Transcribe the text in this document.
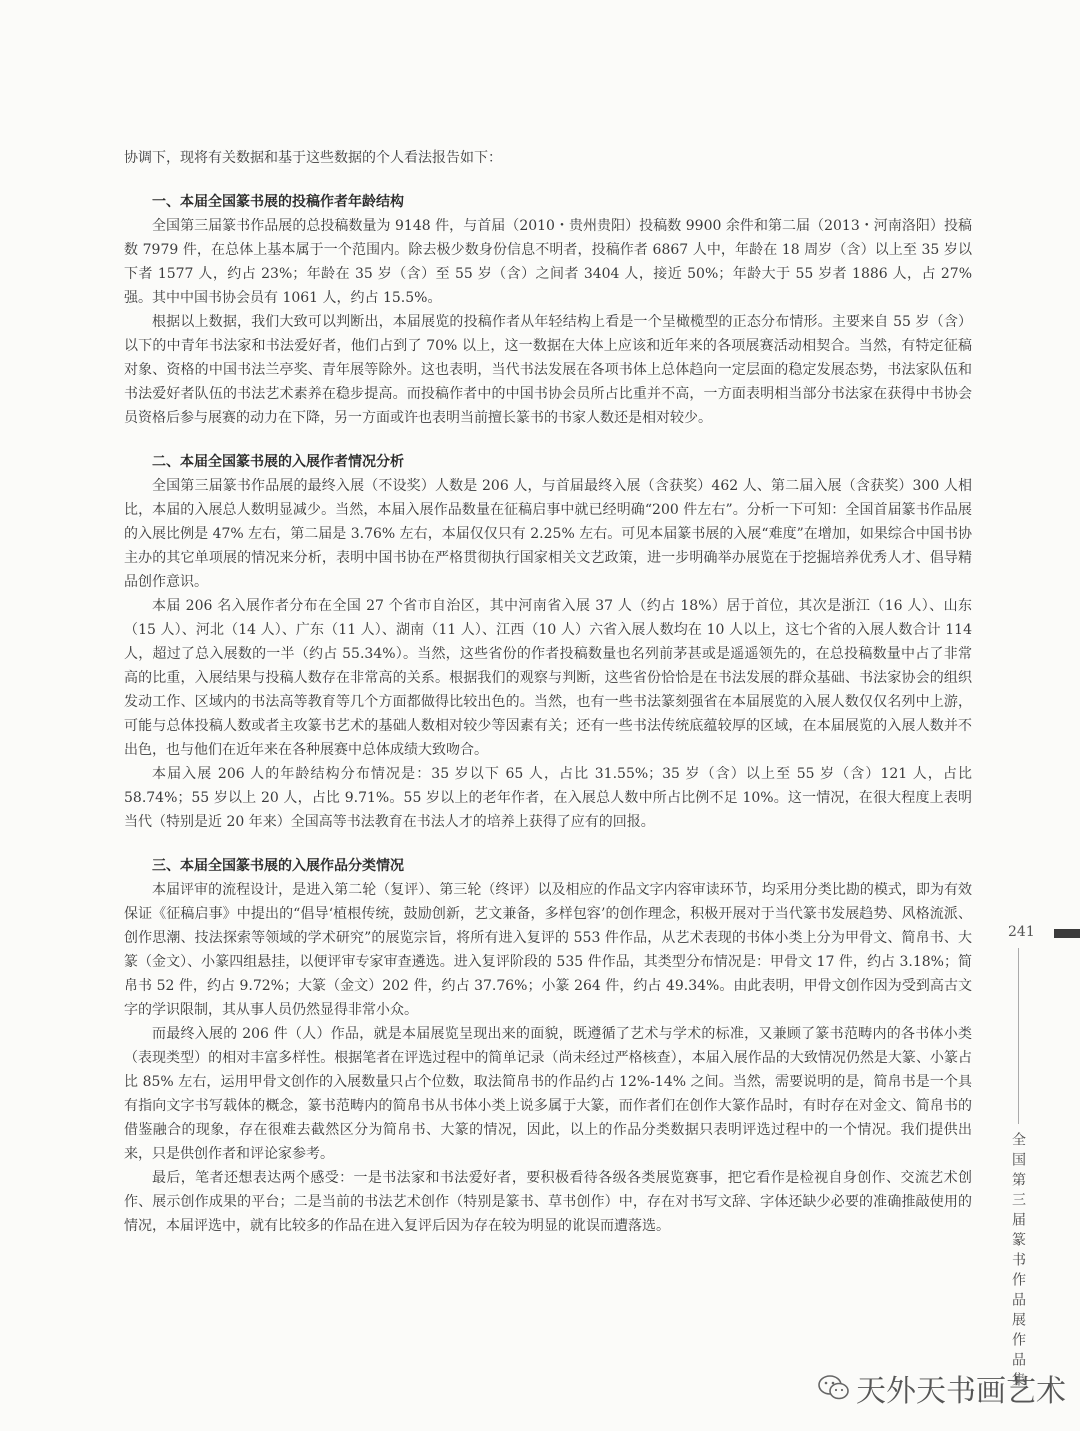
协调下，现将有关数据和基于这些数据的个人看法报告如下：

一、本届全国篆书展的投稿作者年龄结构

全国第三届篆书作品展的总投稿数量为 9148 件，与首届（2010・贵州贵阳）投稿数 9900 余件和第二届（2013・河南洛阳）投稿数 7979 件，在总体上基本属于一个范围内。除去极少数身份信息不明者，投稿作者 6867 人中，年龄在 18 周岁（含）以上至 35 岁以下者 1577 人，约占 23%；年龄在 35 岁（含）至 55 岁（含）之间者 3404 人，接近 50%；年龄大于 55 岁者 1886 人，占 27% 强。其中中国书协会员有 1061 人，约占 15.5%。

根据以上数据，我们大致可以判断出，本届展览的投稿作者从年轻结构上看是一个呈橄榄型的正态分布情形。主要来自 55 岁（含）以下的中青年书法家和书法爱好者，他们占到了 70% 以上，这一数据在大体上应该和近年来的各项展赛活动相契合。当然，有特定征稿对象、资格的中国书法兰亭奖、青年展等除外。这也表明，当代书法发展在各项书体上总体趋向一定层面的稳定发展态势，书法家队伍和书法爱好者队伍的书法艺术素养在稳步提高。而投稿作者中的中国书协会员所占比重并不高，一方面表明相当部分书法家在获得中书协会员资格后参与展赛的动力在下降，另一方面或许也表明当前擅长篆书的书家人数还是相对较少。

二、本届全国篆书展的入展作者情况分析

全国第三届篆书作品展的最终入展（不设奖）人数是 206 人，与首届最终入展（含获奖）462 人、第二届入展（含获奖）300 人相比，本届的入展总人数明显减少。当然，本届入展作品数量在征稿启事中就已经明确“200 件左右”。分析一下可知：全国首届篆书作品展的入展比例是 47% 左右，第二届是 3.76% 左右，本届仅仅只有 2.25% 左右。可见本届篆书展的入展“难度”在增加，如果综合中国书协主办的其它单项展的情况来分析，表明中国书协在严格贯彻执行国家相关文艺政策，进一步明确举办展览在于挖掘培养优秀人才、倡导精品创作意识。

本届 206 名入展作者分布在全国 27 个省市自治区，其中河南省入展 37 人（约占 18%）居于首位，其次是浙江（16 人）、山东（15 人）、河北（14 人）、广东（11 人）、湖南（11 人）、江西（10 人）六省入展人数均在 10 人以上，这七个省的入展人数合计 114 人，超过了总入展数的一半（约占 55.34%）。当然，这些省份的作者投稿数量也名列前茅甚或是遥遥领先的，在总投稿数量中占了非常高的比重，入展结果与投稿人数存在非常高的关系。根据我们的观察与判断，这些省份恰恰是在书法发展的群众基础、书法家协会的组织发动工作、区域内的书法高等教育等几个方面都做得比较出色的。当然，也有一些书法篆刻强省在本届展览的入展人数仅仅名列中上游，可能与总体投稿人数或者主攻篆书艺术的基础人数相对较少等因素有关；还有一些书法传统底蕴较厚的区域，在本届展览的入展人数并不出色，也与他们在近年来在各种展赛中总体成绩大致吻合。

本届入展 206 人的年龄结构分布情况是：35 岁以下 65 人，占比 31.55%；35 岁（含）以上至 55 岁（含）121 人，占比 58.74%；55 岁以上 20 人，占比 9.71%。55 岁以上的老年作者，在入展总人数中所占比例不足 10%。这一情况，在很大程度上表明当代（特别是近 20 年来）全国高等书法教育在书法人才的培养上获得了应有的回报。

三、本届全国篆书展的入展作品分类情况

本届评审的流程设计，是进入第二轮（复评）、第三轮（终评）以及相应的作品文字内容审读环节，均采用分类比勘的模式，即为有效保证《征稿启事》中提出的“倡导‘植根传统，鼓励创新，艺文兼备，多样包容’的创作理念，积极开展对于当代篆书发展趋势、风格流派、创作思潮、技法探索等领域的学术研究”的展览宗旨，将所有进入复评的 553 件作品，从艺术表现的书体小类上分为甲骨文、简帛书、大篆（金文）、小篆四组悬挂，以便评审专家审查遴选。进入复评阶段的 535 件作品，其类型分布情况是：甲骨文 17 件，约占 3.18%；简帛书 52 件，约占 9.72%；大篆（金文）202 件，约占 37.76%；小篆 264 件，约占 49.34%。由此表明，甲骨文创作因为受到高古文字的学识限制，其从事人员仍然显得非常小众。

而最终入展的 206 件（人）作品，就是本届展览呈现出来的面貌，既遵循了艺术与学术的标准，又兼顾了篆书范畴内的各书体小类（表现类型）的相对丰富多样性。根据笔者在评选过程中的简单记录（尚未经过严格核查），本届入展作品的大致情况仍然是大篆、小篆占比 85% 左右，运用甲骨文创作的入展数量只占个位数，取法简帛书的作品约占 12%-14% 之间。当然，需要说明的是，简帛书是一个具有指向文字书写载体的概念，篆书范畴内的简帛书从书体小类上说多属于大篆，而作者们在创作大篆作品时，有时存在对金文、简帛书的借鉴融合的现象，存在很难去截然区分为简帛书、大篆的情况，因此，以上的作品分类数据只表明评选过程中的一个情况。我们提供出来，只是供创作者和评论家参考。

最后，笔者还想表达两个感受：一是书法家和书法爱好者，要积极看待各级各类展览赛事，把它看作是检视自身创作、交流艺术创作、展示创作成果的平台；二是当前的书法艺术创作（特别是篆书、草书创作）中，存在对书写文辞、字体还缺少必要的准确推敲使用的情况，本届评选中，就有比较多的作品在进入复评后因为存在较为明显的讹误而遭落选。

241
全国第三届篆书作品展作品集
天外天书画艺术
